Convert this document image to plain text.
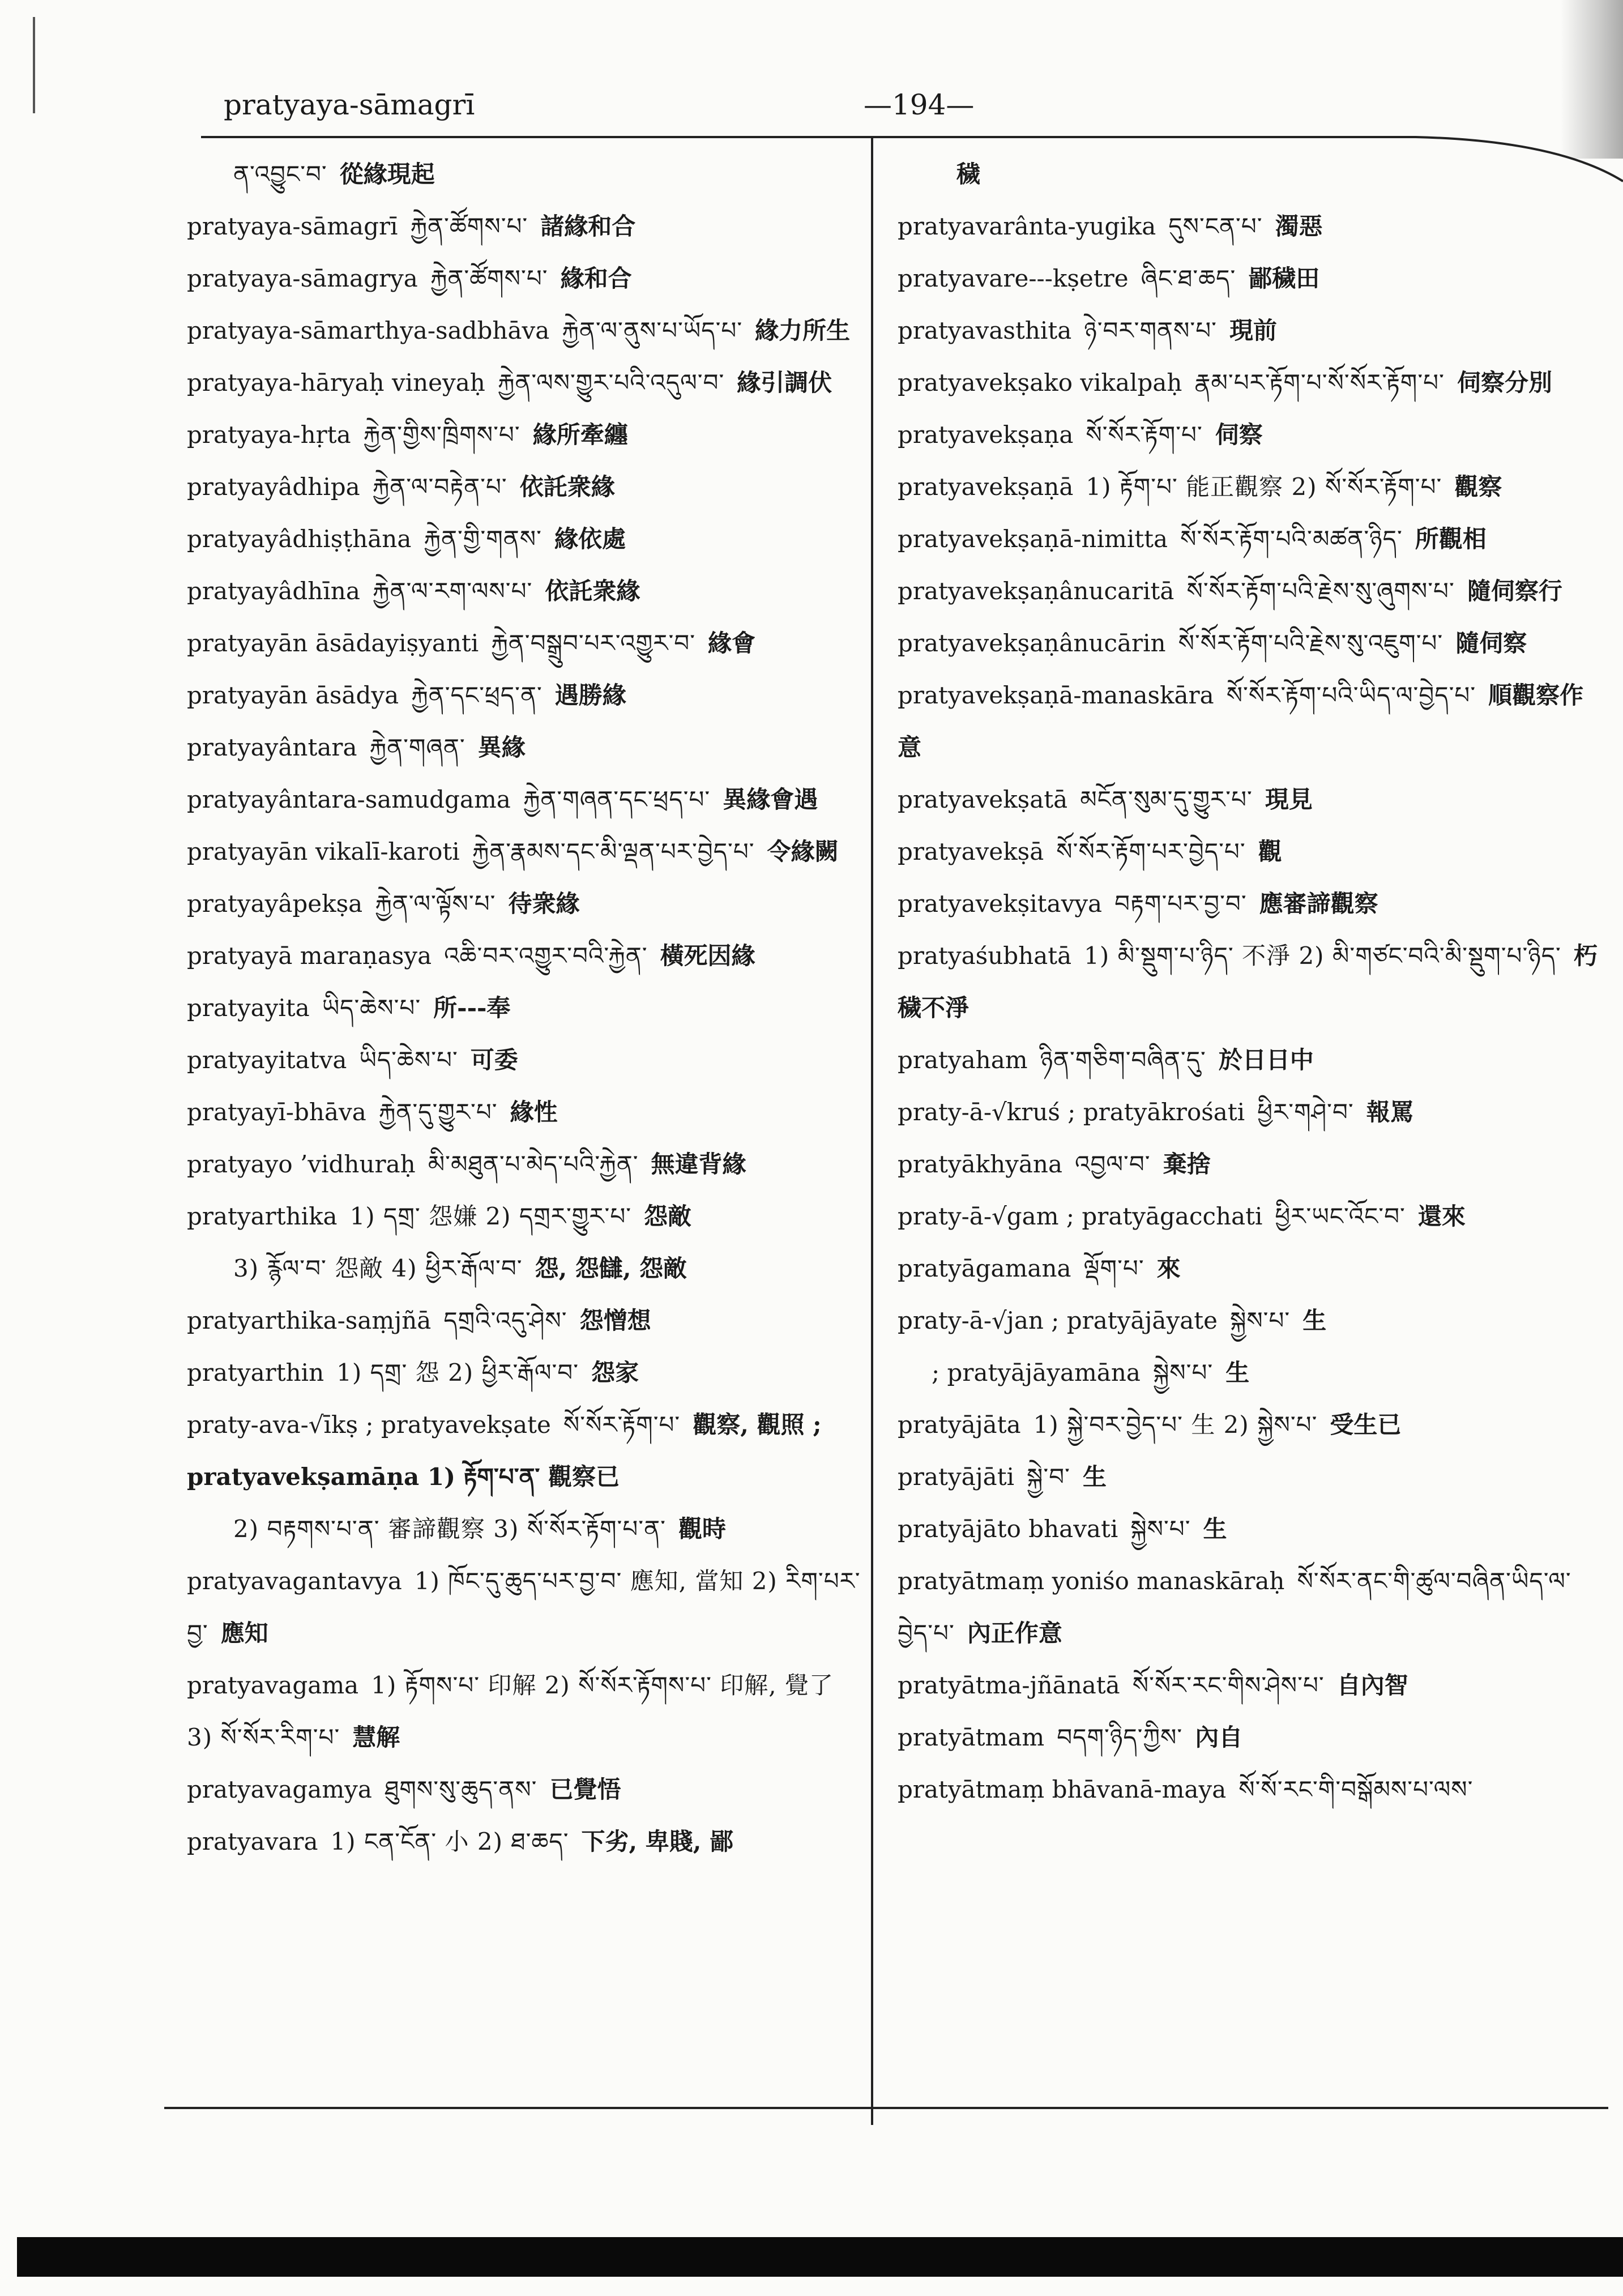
pratyaya-sāmagrī	—194—
ན་འབྱུང་བ་ 從緣現起
pratyaya-sāmagrī རྐྱེན་ཚོགས་པ་ 諸緣和合
pratyaya-sāmagrya རྐྱེན་ཚོགས་པ་ 緣和合
pratyaya-sāmarthya-sadbhāva རྐྱེན་ལ་ནུས་པ་ཡོད་པ་ 緣力所生
pratyaya-hāryaḥ vineyaḥ རྐྱེན་ལས་གྱུར་པའི་འདུལ་བ་ 緣引調伏
pratyaya-hṛta རྐྱེན་གྱིས་ཁྲིགས་པ་ 緣所牽纏
pratyayâdhipa རྐྱེན་ལ་བརྟེན་པ་ 依託衆緣
pratyayâdhiṣṭhāna རྐྱེན་གྱི་གནས་ 緣依處
pratyayâdhīna རྐྱེན་ལ་རག་ལས་པ་ 依託衆緣
pratyayān āsādayiṣyanti རྐྱེན་བསྒྲུབ་པར་འགྱུར་བ་ 緣會
pratyayān āsādya རྐྱེན་དང་ཕྲད་ན་ 遇勝緣
pratyayântara རྐྱེན་གཞན་ 異緣
pratyayântara-samudgama རྐྱེན་གཞན་དང་ཕྲད་པ་ 異緣會遇
pratyayān vikalī-karoti རྐྱེན་རྣམས་དང་མི་ལྡན་པར་བྱེད་པ་ 令緣闕
pratyayâpekṣa རྐྱེན་ལ་ལྟོས་པ་ 待衆緣
pratyayā maraṇasya འཆི་བར་འགྱུར་བའི་རྐྱེན་ 橫死因緣
pratyayita ཡིད་ཆེས་པ་ 所---奉
pratyayitatva ཡིད་ཆེས་པ་ 可委
pratyayī-bhāva རྐྱེན་དུ་གྱུར་པ་ 緣性
pratyayo ’vidhuraḥ མི་མཐུན་པ་མེད་པའི་རྐྱེན་ 無違背緣
pratyarthika 1) དགྲ་ 怨嫌 2) དགྲར་གྱུར་པ་ 怨敵
3) རྙོལ་བ་ 怨敵 4) ཕྱིར་རྒོལ་བ་ 怨, 怨讎, 怨敵
pratyarthika-saṃjñā དགྲའི་འདུ་ཤེས་ 怨憎想
pratyarthin 1) དགྲ་ 怨 2) ཕྱིར་རྒོལ་བ་ 怨家
praty-ava-√īkṣ ; pratyavekṣate སོ་སོར་རྟོག་པ་ 觀察, 觀照 ; pratyavekṣamāṇa 1) རྟོག་པ་ན་ 觀察已
2) བརྟགས་པ་ན་ 審諦觀察 3) སོ་སོར་རྟོག་པ་ན་ 觀時
pratyavagantavya 1) ཁོང་དུ་ཆུད་པར་བྱ་བ་ 應知, 當知 2) རིག་པར་བྱ་ 應知
pratyavagama 1) རྟོགས་པ་ 印解 2) སོ་སོར་རྟོགས་པ་ 印解, 覺了 3) སོ་སོར་རིག་པ་ 慧解
pratyavagamya ཐུགས་སུ་ཆུད་ནས་ 已覺悟
pratyavara 1) ངན་ངོན་ 小 2) ཐ་ཆད་ 下劣, 卑賤, 鄙
穢
pratyavarânta-yugika དུས་ངན་པ་ 濁惡
pratyavare---kṣetre ཞིང་ཐ་ཆད་ 鄙穢田
pratyavasthita ཉེ་བར་གནས་པ་ 現前
pratyavekṣako vikalpaḥ རྣམ་པར་རྟོག་པ་སོ་སོར་རྟོག་པ་ 伺察分別
pratyavekṣaṇa སོ་སོར་རྟོག་པ་ 伺察
pratyavekṣaṇā 1) རྟོག་པ་ 能正觀察 2) སོ་སོར་རྟོག་པ་ 觀察
pratyavekṣaṇā-nimitta སོ་སོར་རྟོག་པའི་མཚན་ཉིད་ 所觀相
pratyavekṣaṇânucaritā སོ་སོར་རྟོག་པའི་རྗེས་སུ་ཞུགས་པ་ 隨伺察行
pratyavekṣaṇânucārin སོ་སོར་རྟོག་པའི་རྗེས་སུ་འཇུག་པ་ 隨伺察
pratyavekṣaṇā-manaskāra སོ་སོར་རྟོག་པའི་ཡིད་ལ་བྱེད་པ་ 順觀察作意
pratyavekṣatā མངོན་སུམ་དུ་གྱུར་པ་ 現見
pratyavekṣā སོ་སོར་རྟོག་པར་བྱེད་པ་ 觀
pratyavekṣitavya བརྟག་པར་བྱ་བ་ 應審諦觀察
pratyaśubhatā 1) མི་སྡུག་པ་ཉིད་ 不淨 2) མི་གཙང་བའི་མི་སྡུག་པ་ཉིད་ 朽穢不淨
pratyaham ཉིན་གཅིག་བཞིན་དུ་ 於日日中
praty-ā-√kruś ; pratyākrośati ཕྱིར་གཤེ་བ་ 報罵
pratyākhyāna འབྱལ་བ་ 棄捨
praty-ā-√gam ; pratyāgacchati ཕྱིར་ཡང་འོང་བ་ 還來
pratyāgamana ལྡོག་པ་ 來
praty-ā-√jan ; pratyājāyate སྐྱེས་པ་ 生
; pratyājāyamāna སྐྱེས་པ་ 生
pratyājāta 1) སྐྱེ་བར་བྱེད་པ་ 生 2) སྐྱེས་པ་ 受生已
pratyājāti སྐྱེ་བ་ 生
pratyājāto bhavati སྐྱེས་པ་ 生
pratyātmaṃ yoniśo manaskāraḥ སོ་སོར་ནང་གི་ཚུལ་བཞིན་ཡིད་ལ་བྱེད་པ་ 內正作意
pratyātma-jñānatā སོ་སོར་རང་གིས་ཤེས་པ་ 自內智
pratyātmam བདག་ཉིད་ཀྱིས་ 內自
pratyātmaṃ bhāvanā-maya སོ་སོ་རང་གི་བསྒོམས་པ་ལས་
